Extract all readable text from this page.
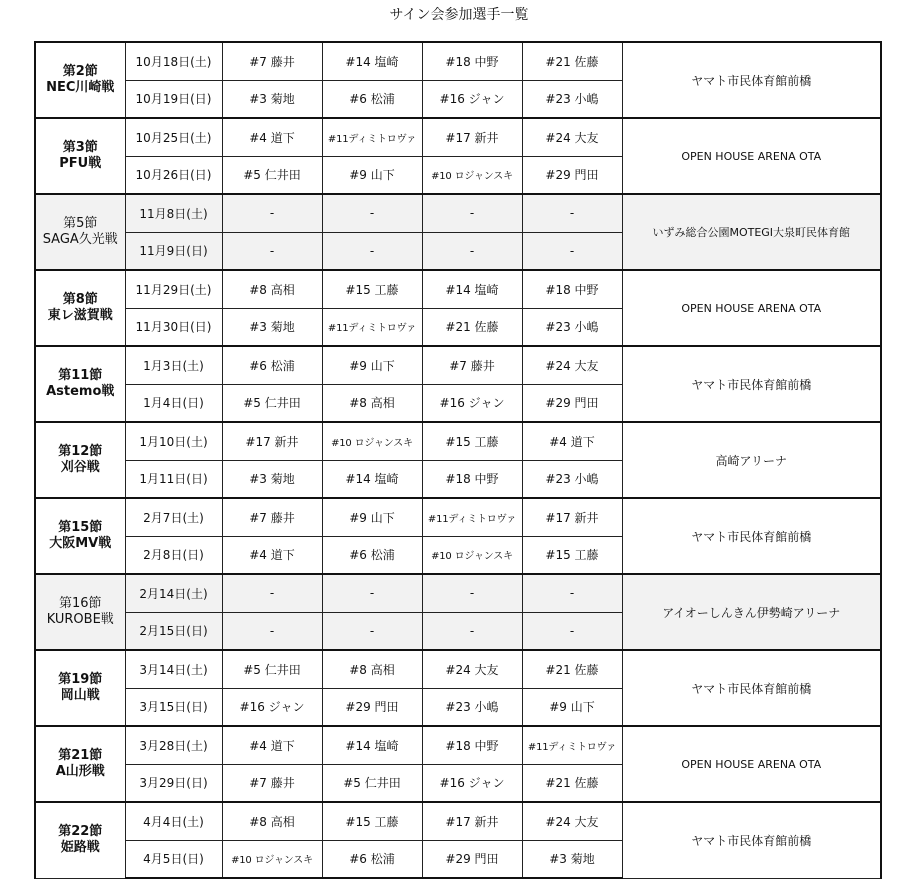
サイン会参加選手一覧
第2節
NEC川崎戦	10月18日(土)	#7 藤井	#14 塩崎	#18 中野	#21 佐藤	ヤマト市民体育館前橋
	10月19日(日)	#3 菊地	#6 松浦	#16 ジャン	#23 小嶋	

第3節
PFU戦	10月25日(土)	#4 道下	#11ディミトロヴァ	#17 新井	#24 大友	OPEN HOUSE ARENA OTA
	10月26日(日)	#5 仁井田	#9 山下	#10 ロジャンスキ	#29 門田	

第5節
SAGA久光戦	11月8日(土)	-	-	-	-	いずみ総合公園MOTEGI大泉町民体育館
	11月9日(日)	-	-	-	-	

第8節
東レ滋賀戦	11月29日(土)	#8 高相	#15 工藤	#14 塩崎	#18 中野	OPEN HOUSE ARENA OTA
	11月30日(日)	#3 菊地	#11ディミトロヴァ	#21 佐藤	#23 小嶋	

第11節
Astemo戦	1月3日(土)	#6 松浦	#9 山下	#7 藤井	#24 大友	ヤマト市民体育館前橋
	1月4日(日)	#5 仁井田	#8 高相	#16 ジャン	#29 門田	

第12節
刈谷戦	1月10日(土)	#17 新井	#10 ロジャンスキ	#15 工藤	#4 道下	高崎アリーナ
	1月11日(日)	#3 菊地	#14 塩崎	#18 中野	#23 小嶋	

第15節
大阪MV戦	2月7日(土)	#7 藤井	#9 山下	#11ディミトロヴァ	#17 新井	ヤマト市民体育館前橋
	2月8日(日)	#4 道下	#6 松浦	#10 ロジャンスキ	#15 工藤	

第16節
KUROBE戦	2月14日(土)	-	-	-	-	アイオーしんきん伊勢崎アリーナ
	2月15日(日)	-	-	-	-	

第19節
岡山戦	3月14日(土)	#5 仁井田	#8 高相	#24 大友	#21 佐藤	ヤマト市民体育館前橋
	3月15日(日)	#16 ジャン	#29 門田	#23 小嶋	#9 山下	

第21節
A山形戦	3月28日(土)	#4 道下	#14 塩崎	#18 中野	#11ディミトロヴァ	OPEN HOUSE ARENA OTA
	3月29日(日)	#7 藤井	#5 仁井田	#16 ジャン	#21 佐藤	

第22節
姫路戦	4月4日(土)	#8 高相	#15 工藤	#17 新井	#24 大友	ヤマト市民体育館前橋
	4月5日(日)	#10 ロジャンスキ	#6 松浦	#29 門田	#3 菊地	
